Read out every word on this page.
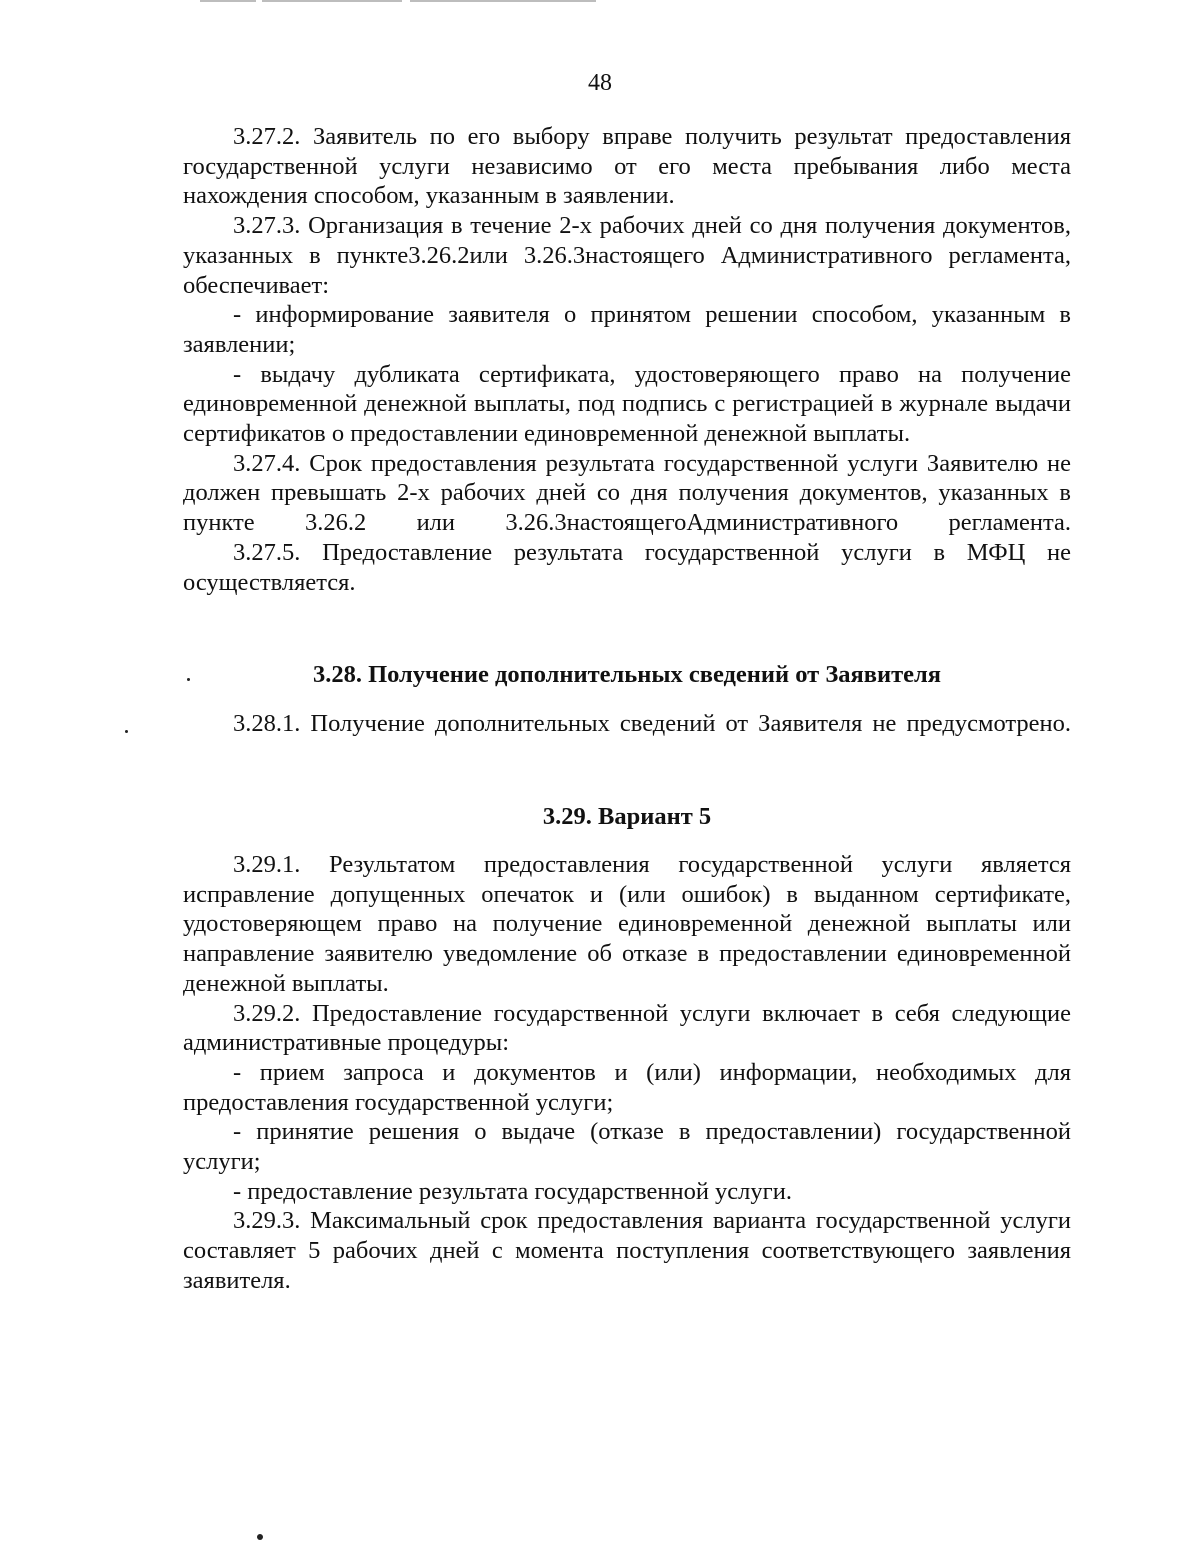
48

3.27.2. Заявитель по его выбору вправе получить результат предоставления государственной услуги независимо от его места пребывания либо места нахождения способом, указанным в заявлении.

3.27.3. Организация в течение 2-х рабочих дней со дня получения документов, указанных в пункте3.26.2или 3.26.3настоящего Административного регламента, обеспечивает:

- информирование заявителя о принятом решении способом, указанным в заявлении;

- выдачу дубликата сертификата, удостоверяющего право на получение единовременной денежной выплаты, под подпись с регистрацией в журнале выдачи сертификатов о предоставлении единовременной денежной выплаты.

3.27.4. Срок предоставления результата государственной услуги Заявителю не должен превышать 2-х рабочих дней со дня получения документов, указанных в пункте 3.26.2 или 3.26.3настоящегоАдминистративного регламента.

3.27.5. Предоставление результата государственной услуги в МФЦ не осуществляется.

3.28. Получение дополнительных сведений от Заявителя

3.28.1. Получение дополнительных сведений от Заявителя не предусмотрено.

3.29. Вариант 5

3.29.1. Результатом предоставления государственной услуги является исправление допущенных опечаток и (или ошибок) в выданном сертификате, удостоверяющем право на получение единовременной денежной выплаты или направление заявителю уведомление об отказе в предоставлении единовременной денежной выплаты.

3.29.2. Предоставление государственной услуги включает в себя следующие административные процедуры:

- прием запроса и документов и (или) информации, необходимых для предоставления государственной услуги;

- принятие решения о выдаче (отказе в предоставлении) государственной услуги;

- предоставление результата государственной услуги.

3.29.3. Максимальный срок предоставления варианта государственной услуги составляет 5 рабочих дней с момента поступления соответствующего заявления заявителя.
